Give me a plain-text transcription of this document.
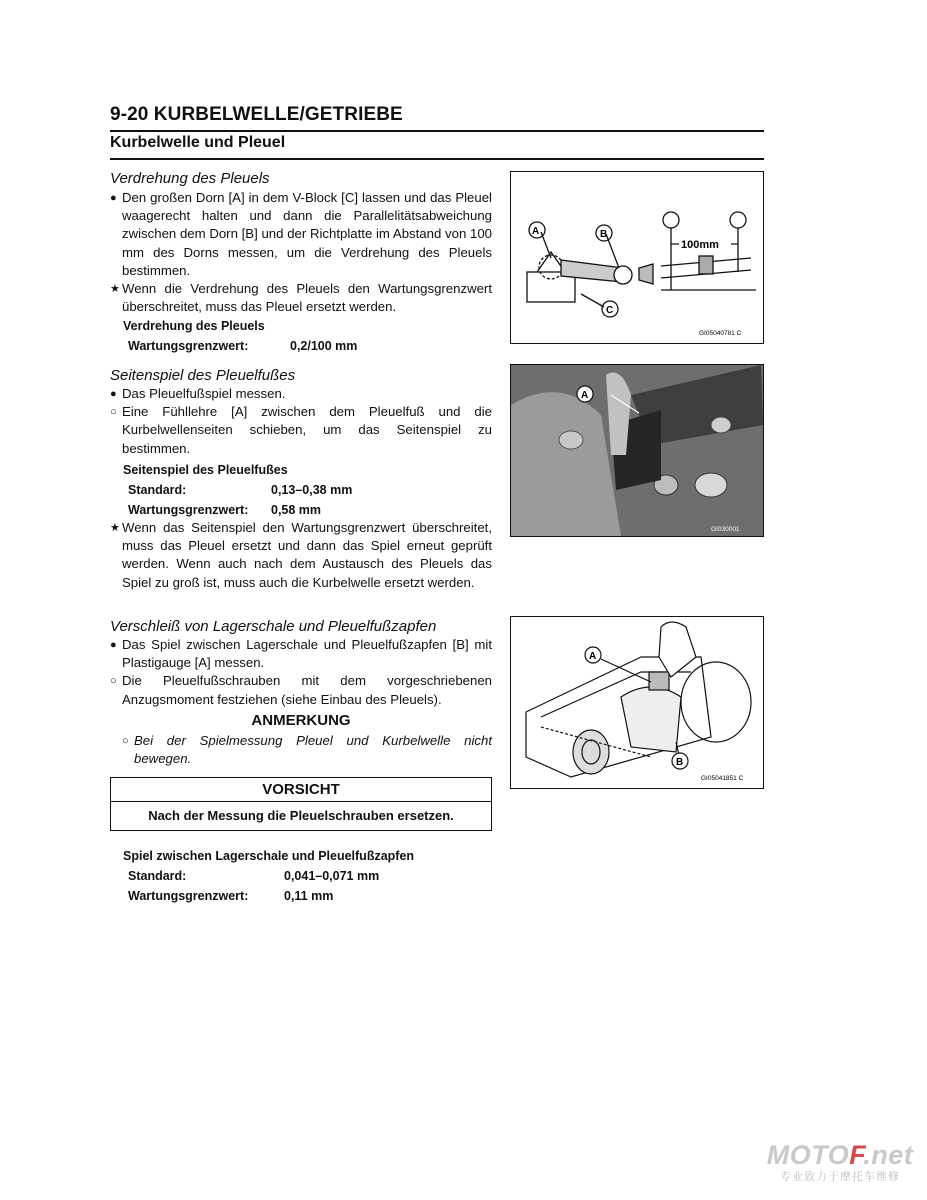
9-20 KURBELWELLE/GETRIEBE
Kurbelwelle und Pleuel
Verdrehung des Pleuels
● Den großen Dorn [A] in dem V-Block [C] lassen und das Pleuel waagerecht halten und dann die Parallelitätsabweichung zwischen dem Dorn [B] und der Richtplatte im Abstand von 100 mm des Dorns messen, um die Verdrehung des Pleuels bestimmen.
★ Wenn die Verdrehung des Pleuels den Wartungsgrenzwert überschreitet, muss das Pleuel ersetzt werden.
Verdrehung des Pleuels
Wartungsgrenzwert:	0,2/100 mm
Seitenspiel des Pleuelfußes
● Das Pleuelfußspiel messen.
○ Eine Fühllehre [A] zwischen dem Pleuelfuß und die Kurbelwellenseiten schieben, um das Seitenspiel zu bestimmen.
Seitenspiel des Pleuelfußes
Standard:	0,13–0,38 mm
Wartungsgrenzwert:	0,58 mm
★ Wenn das Seitenspiel den Wartungsgrenzwert überschreitet, muss das Pleuel ersetzt und dann das Spiel erneut geprüft werden. Wenn auch nach dem Austausch des Pleuels das Spiel zu groß ist, muss auch die Kurbelwelle ersetzt werden.
Verschleiß von Lagerschale und Pleuelfußzapfen
● Das Spiel zwischen Lagerschale und Pleuelfußzapfen [B] mit Plastigauge [A] messen.
○ Die Pleuelfußschrauben mit dem vorgeschriebenen Anzugsmoment festziehen (siehe Einbau des Pleuels).
ANMERKUNG
○ Bei der Spielmessung Pleuel und Kurbelwelle nicht bewegen.
VORSICHT
Nach der Messung die Pleuelschrauben ersetzen.
Spiel zwischen Lagerschale und Pleuelfußzapfen
Standard:	0,041–0,071 mm
Wartungsgrenzwert:	0,11 mm
A	B
C
100mm
GI05040781 C
A
GI030001
A
B
GI05041851 C
MOTOF.net
专业致力于摩托车维修
